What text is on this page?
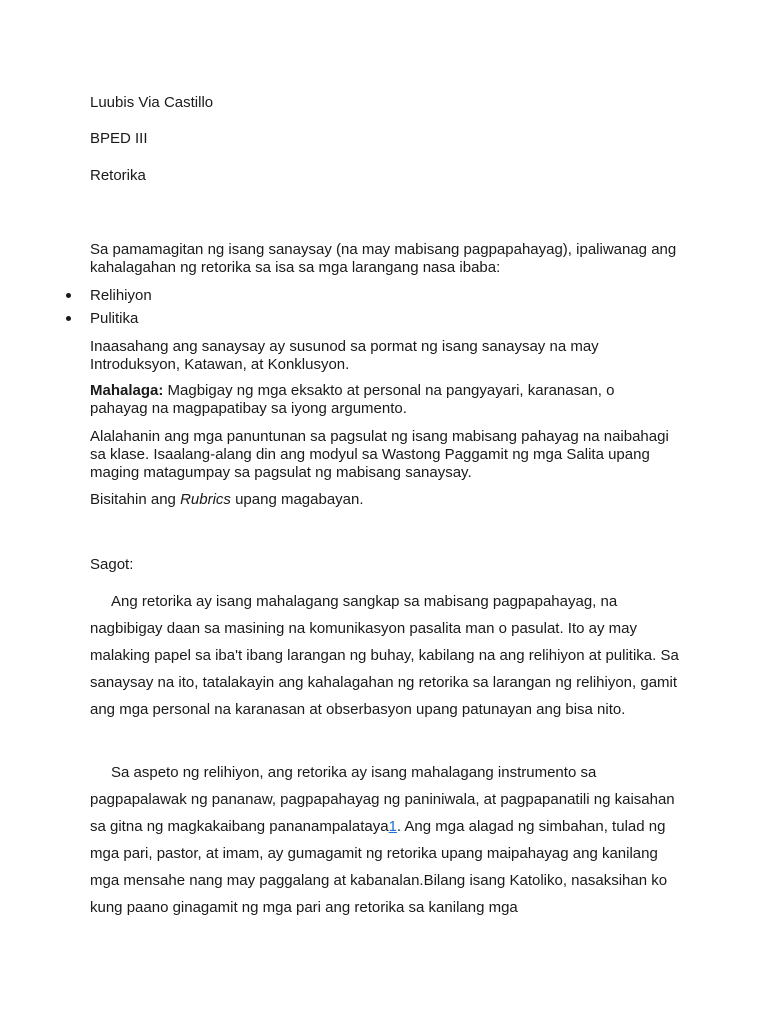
Luubis Via Castillo

BPED III

Retorika

Sa pamamagitan ng isang sanaysay (na may mabisang pagpapahayag), ipaliwanag ang kahalagahan ng retorika sa isa sa mga larangang nasa ibaba:

Relihiyon
Pulitika

Inaasahang ang sanaysay ay susunod sa pormat ng isang sanaysay na may Introduksyon, Katawan, at Konklusyon.

Mahalaga: Magbigay ng mga eksakto at personal na pangyayari, karanasan, o pahayag na magpapatibay sa iyong argumento.

Alalahanin ang mga panuntunan sa pagsulat ng isang mabisang pahayag na naibahagi sa klase. Isaalang-alang din ang modyul sa Wastong Paggamit ng mga Salita upang maging matagumpay sa pagsulat ng mabisang sanaysay.

Bisitahin ang Rubrics upang magabayan.

Sagot:

Ang retorika ay isang mahalagang sangkap sa mabisang pagpapahayag, na nagbibigay daan sa masining na komunikasyon pasalita man o pasulat. Ito ay may malaking papel sa iba't ibang larangan ng buhay, kabilang na ang relihiyon at pulitika. Sa sanaysay na ito, tatalakayin ang kahalagahan ng retorika sa larangan ng relihiyon, gamit ang mga personal na karanasan at obserbasyon upang patunayan ang bisa nito.

Sa aspeto ng relihiyon, ang retorika ay isang mahalagang instrumento sa pagpapalawak ng pananaw, pagpapahayag ng paniniwala, at pagpapanatili ng kaisahan sa gitna ng magkakaibang pananampalataya1. Ang mga alagad ng simbahan, tulad ng mga pari, pastor, at imam, ay gumagamit ng retorika upang maipahayag ang kanilang mga mensahe nang may paggalang at kabanalan.Bilang isang Katoliko, nasaksihan ko kung paano ginagamit ng mga pari ang retorika sa kanilang mga
